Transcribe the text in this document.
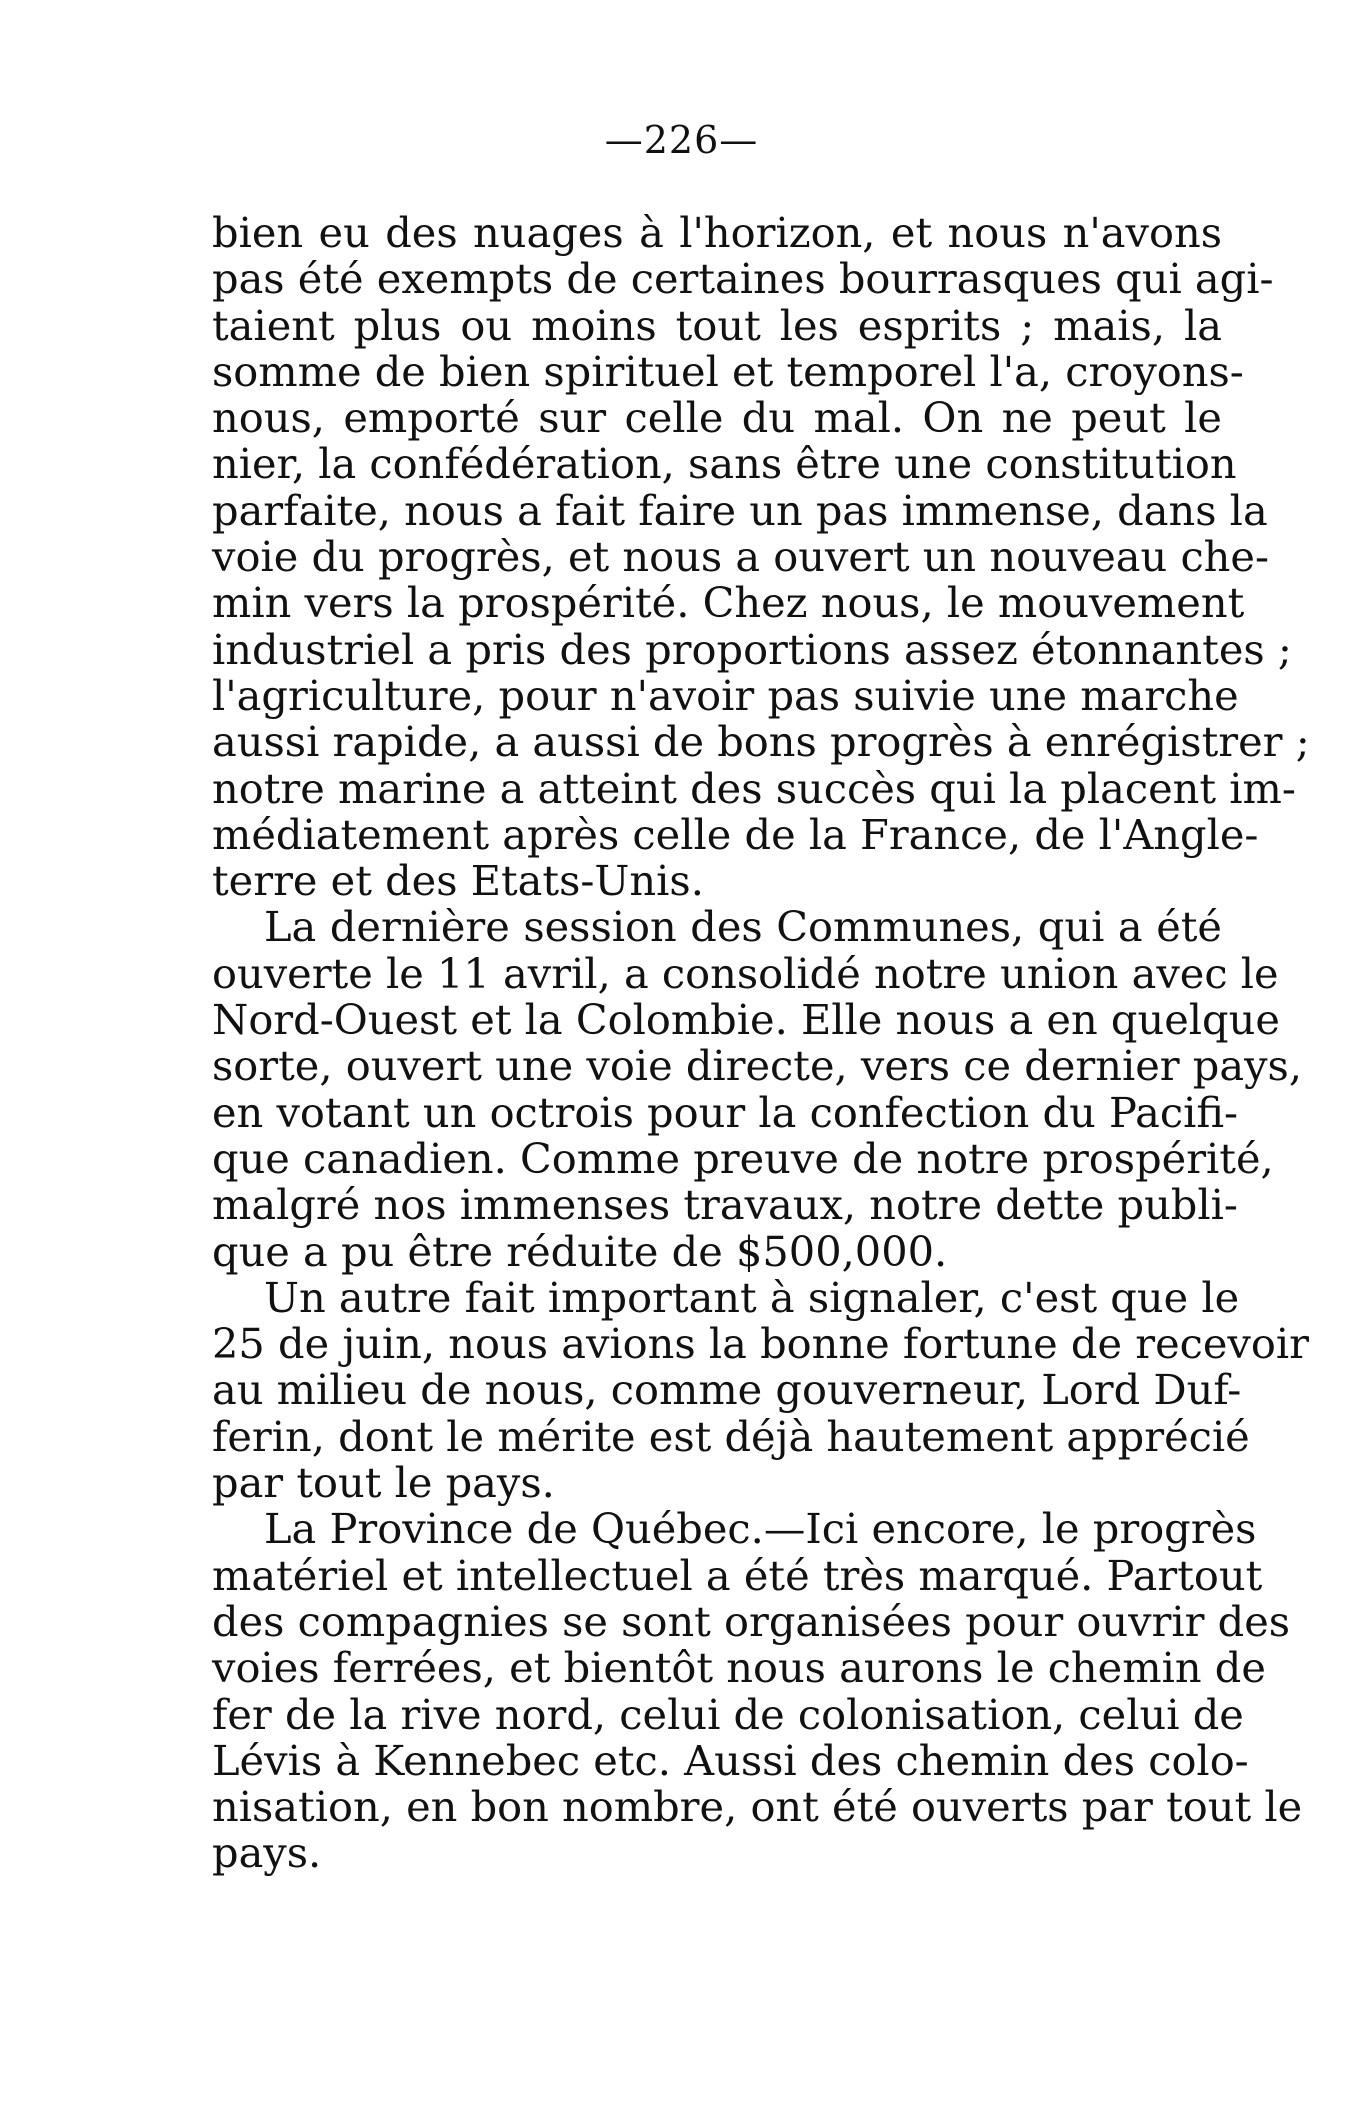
—226—
bien eu des nuages à l'horizon, et nous n'avons
pas été exempts de certaines bourrasques qui agi-
taient plus ou moins tout les esprits ; mais, la
somme de bien spirituel et temporel l'a, croyons-
nous, emporté sur celle du mal. On ne peut le
nier, la confédération, sans être une constitution
parfaite, nous a fait faire un pas immense, dans la
voie du progrès, et nous a ouvert un nouveau che-
min vers la prospérité. Chez nous, le mouvement
industriel a pris des proportions assez étonnantes ;
l'agriculture, pour n'avoir pas suivie une marche
aussi rapide, a aussi de bons progrès à enrégistrer ;
notre marine a atteint des succès qui la placent im-
médiatement après celle de la France, de l'Angle-
terre et des Etats-Unis.
La dernière session des Communes, qui a été
ouverte le 11 avril, a consolidé notre union avec le
Nord-Ouest et la Colombie. Elle nous a en quelque
sorte, ouvert une voie directe, vers ce dernier pays,
en votant un octrois pour la confection du Pacifi-
que canadien. Comme preuve de notre prospérité,
malgré nos immenses travaux, notre dette publi-
que a pu être réduite de $500,000.
Un autre fait important à signaler, c'est que le
25 de juin, nous avions la bonne fortune de recevoir
au milieu de nous, comme gouverneur, Lord Duf-
ferin, dont le mérite est déjà hautement apprécié
par tout le pays.
La Province de Québec.—Ici encore, le progrès
matériel et intellectuel a été très marqué. Partout
des compagnies se sont organisées pour ouvrir des
voies ferrées, et bientôt nous aurons le chemin de
fer de la rive nord, celui de colonisation, celui de
Lévis à Kennebec etc. Aussi des chemin des colo-
nisation, en bon nombre, ont été ouverts par tout le
pays.
